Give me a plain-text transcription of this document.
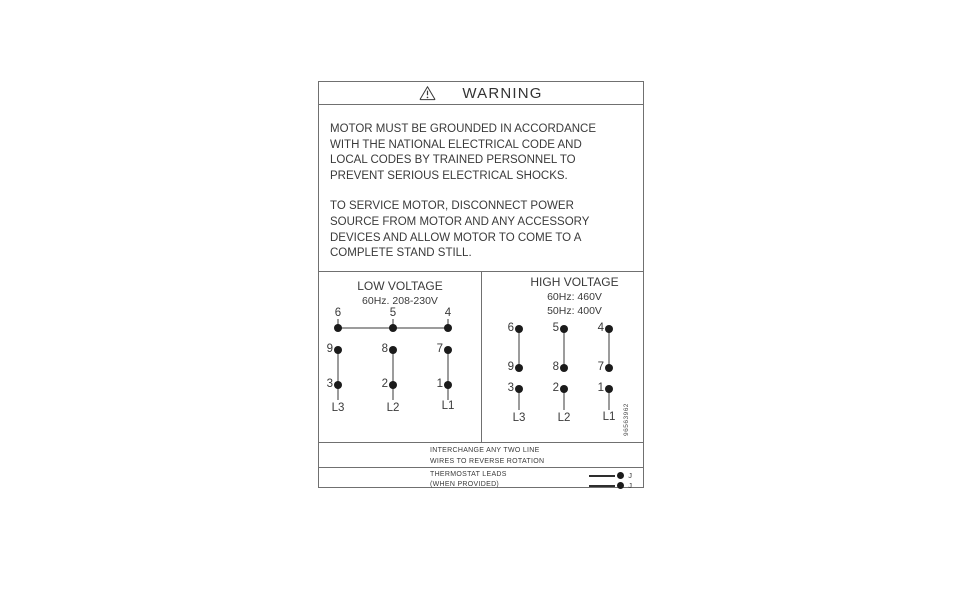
WARNING
MOTOR MUST BE GROUNDED IN ACCORDANCE
WITH THE NATIONAL ELECTRICAL CODE AND
LOCAL CODES BY TRAINED PERSONNEL TO
PREVENT SERIOUS ELECTRICAL SHOCKS.
TO SERVICE MOTOR, DISCONNECT POWER
SOURCE FROM MOTOR AND ANY ACCESSORY
DEVICES AND ALLOW MOTOR TO COME TO A
COMPLETE STAND STILL.
LOW VOLTAGE
60Hz. 208-230V
6	5	4
9	8	7
3	2	1
L3	L2	L1
HIGH VOLTAGE
60Hz: 460V
50Hz: 400V
6	5	4
9	8	7
3	2	1
L3	L2	L1	96563962
INTERCHANGE ANY TWO LINE
WIRES TO REVERSE ROTATION
THERMOSTAT LEADS
(WHEN PROVIDED)
J
J
